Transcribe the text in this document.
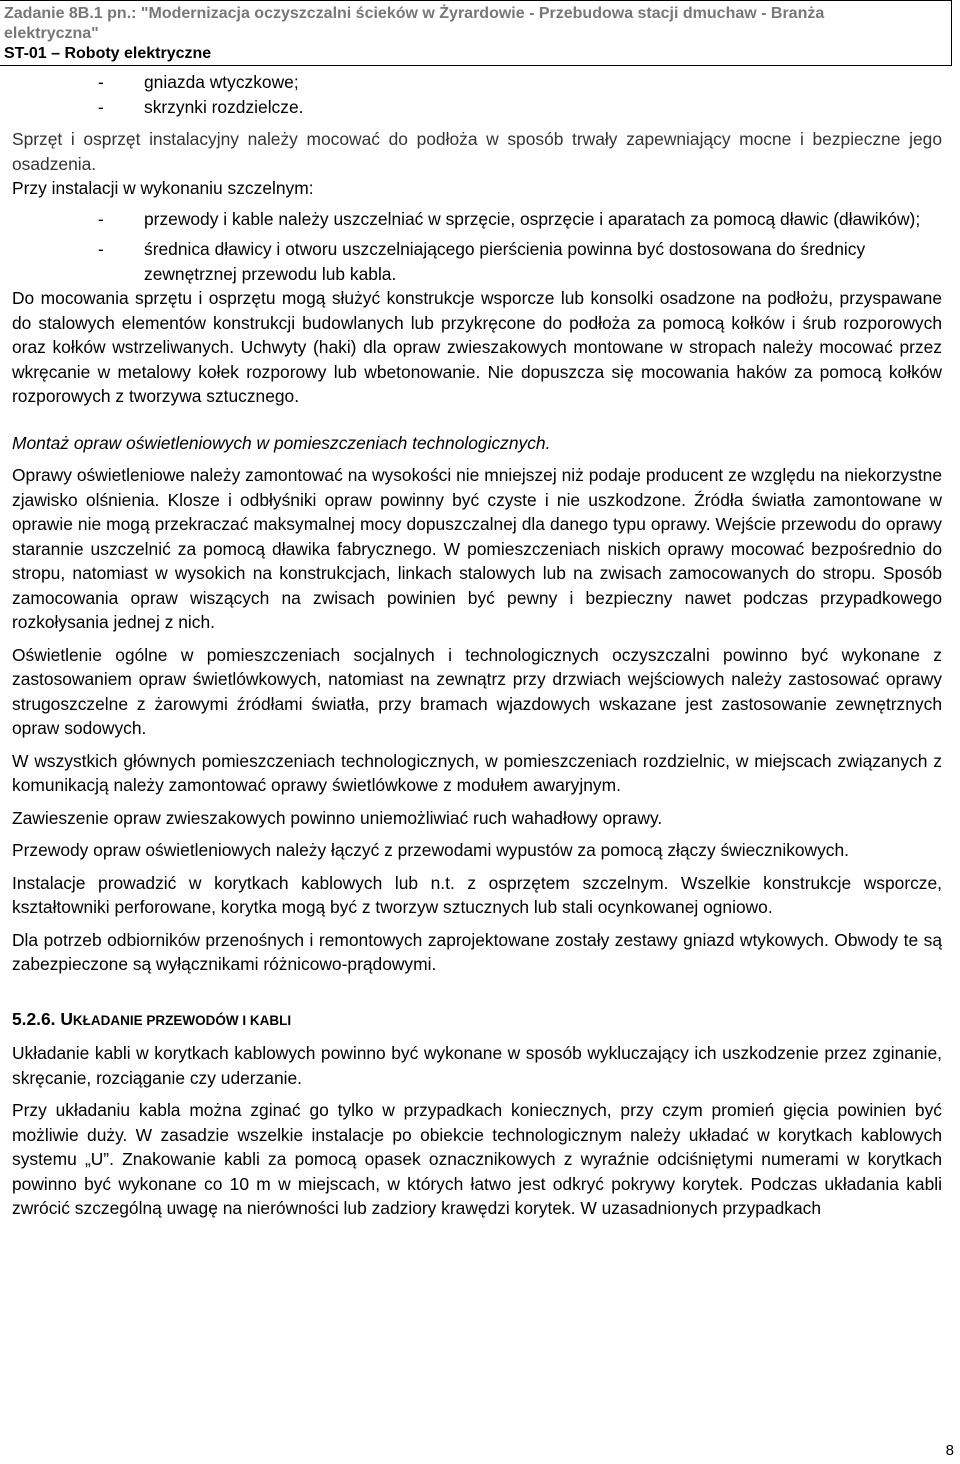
Zadanie 8B.1 pn.: "Modernizacja oczyszczalni ścieków w Żyrardowie - Przebudowa stacji dmuchaw - Branża
elektryczna"
ST-01 – Roboty elektryczne
-	gniazda wtyczkowe;
-	skrzynki rozdzielcze.

Sprzęt i osprzęt instalacyjny należy mocować do podłoża w sposób trwały zapewniający mocne i bezpieczne jego osadzenia.

Przy instalacji w wykonaniu szczelnym:

-	przewody i kable należy uszczelniać w sprzęcie, osprzęcie i aparatach za pomocą dławic (dławików);
-	średnica dławicy i otworu uszczelniającego pierścienia powinna być dostosowana do średnicy zewnętrznej przewodu lub kabla.

Do mocowania sprzętu i osprzętu mogą służyć konstrukcje wsporcze lub konsolki osadzone na podłożu, przyspawane do stalowych elementów konstrukcji budowlanych lub przykręcone do podłoża za pomocą kołków i śrub rozporowych oraz kołków wstrzeliwanych. Uchwyty (haki) dla opraw zwieszakowych montowane w stropach należy mocować przez wkręcanie w metalowy kołek rozporowy lub wbetonowanie. Nie dopuszcza się mocowania haków za pomocą kołków rozporowych z tworzywa sztucznego.

Montaż opraw oświetleniowych w pomieszczeniach technologicznych.

Oprawy oświetleniowe należy zamontować na wysokości nie mniejszej niż podaje producent ze względu na niekorzystne zjawisko olśnienia. Klosze i odbłyśniki opraw powinny być czyste i nie uszkodzone. Źródła światła zamontowane w oprawie nie mogą przekraczać maksymalnej mocy dopuszczalnej dla danego typu oprawy. Wejście przewodu do oprawy starannie uszczelnić za pomocą dławika fabrycznego. W pomieszczeniach niskich oprawy mocować bezpośrednio do stropu, natomiast w wysokich na konstrukcjach, linkach stalowych lub na zwisach zamocowanych do stropu. Sposób zamocowania opraw wiszących na zwisach powinien być pewny i bezpieczny nawet podczas przypadkowego rozkołysania jednej z nich.

Oświetlenie ogólne w pomieszczeniach socjalnych i technologicznych oczyszczalni powinno być wykonane z zastosowaniem opraw świetlówkowych, natomiast na zewnątrz przy drzwiach wejściowych należy zastosować oprawy strugoszczelne z żarowymi źródłami światła, przy bramach wjazdowych wskazane jest zastosowanie zewnętrznych opraw sodowych.

W wszystkich głównych pomieszczeniach technologicznych, w pomieszczeniach rozdzielnic, w miejscach związanych z komunikacją należy zamontować oprawy świetlówkowe z modułem awaryjnym.

Zawieszenie opraw zwieszakowych powinno uniemożliwiać ruch wahadłowy oprawy.

Przewody opraw oświetleniowych należy łączyć z przewodami wypustów za pomocą złączy świecznikowych.

Instalacje prowadzić w korytkach kablowych lub n.t. z osprzętem szczelnym. Wszelkie konstrukcje wsporcze, kształtowniki perforowane, korytka mogą być z tworzyw sztucznych lub stali ocynkowanej ogniowo.

Dla potrzeb odbiorników przenośnych i remontowych zaprojektowane zostały zestawy gniazd wtykowych. Obwody te są zabezpieczone są wyłącznikami różnicowo-prądowymi.

5.2.6. UKŁADANIE PRZEWODÓW I KABLI

Układanie kabli w korytkach kablowych powinno być wykonane w sposób wykluczający ich uszkodzenie przez zginanie, skręcanie, rozciąganie czy uderzanie.

Przy układaniu kabla można zginać go tylko w przypadkach koniecznych, przy czym promień gięcia powinien być możliwie duży. W zasadzie wszelkie instalacje po obiekcie technologicznym należy układać w korytkach kablowych systemu „U”. Znakowanie kabli za pomocą opasek oznacznikowych z wyraźnie odciśniętymi numerami w korytkach powinno być wykonane co 10 m w miejscach, w których łatwo jest odkryć pokrywy korytek. Podczas układania kabli zwrócić szczególną uwagę na nierówności lub zadziory krawędzi korytek. W uzasadnionych przypadkach

8
